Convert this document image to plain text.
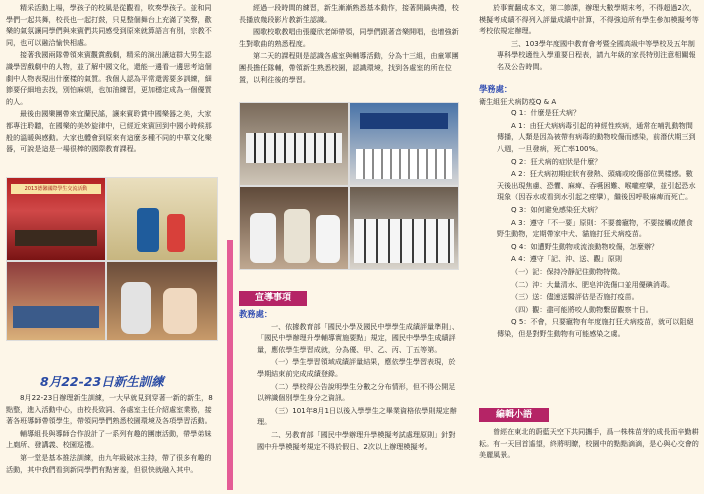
精采活動上場，學孩子的校風是從觀看，吹奏學孩子。並和同學們一起共舞，校長也一起打鼓，只見整個舞台上充滿了笑聲，歡樂的氣氛讓同學們與來賓們共同感受到原來就算語言有別，宗教不同，也可以融洽愉快相處。

接著我國兩隊帶領來賓觀賞戲劇，精采的演出讓這群大男生認識學習戲劇中的人物，並了解中國文化，還能一邊看一邊思考這個劇中人物表現出什麼樣的氣質。我個人認為平常還需要多訓練，細節要仔細地去找，別怕麻煩，也加油練習，更加穩定成為一個優質的人。

最後由國樂團帶來宜蘭民謠，讓來賓聆賞中國樂器之美，大家都專注聆聽，在國樂的美妙旋律中，已經近來賓回到中國小時候那般的溫暖與感動。大家也體會到原來有這麼多種不同的中華文化樂器，可說是這是一場很棒的國際教育課程。

2013德馨國際學生交流活動
8月22-23日新生訓練

8月22-23日辦理新生訓練，一大早就見到穿著一新的新生，8點整，進入活動中心，由校長致詞、各處室主任介紹處室業務，接著各班導師帶領學生，帶領同學們熟悉校園環境及各項學習活動。

輔導組長與導師合作設計了一系列有趣的團康活動，帶學弟妹上廁所、發講義、校園巡禮。

第一堂是基本推法訓練，由九年級破冰主持，帶了很多有趣的活動，其中我們看到新同學們有點害羞，但很快就融入其中。

經過一段時間的練習，新生漸漸熟悉基本動作，接著開鍋典禮，校長播放幾段影片教新生認識。

國歌校歌教唱由張慶欣老師帶領，同學們跟著音樂開唱，也增強新生對歌曲的熟悉程度。

第二天的課程則是認識各處室與輔導活動，分為十三組，由童軍團團長擔任隊輔，帶領新生熟悉校園，認識環境，找到各處室的所在位置，以利往後的學習。

宣導事項
教務處：

一、依據教育部「國民小學及國民中學學生成績評量準則」、「國民中學辦理升學輔導實施要點」規定，國民中學學生成績評量，應依學生學習成就，分為優、甲、乙、丙、丁五等第。

（一）學生學習領域成績評量結果，應依學生學習表現，於學期結束前完成成績登錄。

（二）學校得公告說明學生分數之分布情形，但不得公開足以辨識個別學生身分之資訊。

（三）101年8月1日以後入學學生之畢業資格依學則規定辦理。

二、另教育部「國民中學辦理升學模擬考試處理原則」針對國中升學模擬考規定不得於假日、2次以上辦理模擬考。

於事實翻成本文，第二節課，辦理大數學期末考，不得超過2次，模擬考成績不得列入評量成績中計算，不得強迫所有學生參加模擬考等考校依規定辦理。

三、103學年度國中教育會考暨全國高級中等學校及五年制專科學校適性入學重要日程表，請九年級的家長特別注意相關報名及公告時間。

學務處：
衛生組狂犬病防疫Q & A

Q 1：什麼是狂犬病？

A 1：由狂犬病病毒引起的神經性疾病，通常在哺乳動物間傳播，人類是因為被帶有病毒的動物咬傷而感染，前潛伏期三到八週，一旦發病，死亡率100%。

Q 2：狂犬病的症狀是什麼？

A 2：狂犬病初期症狀有發熱、頭痛或咬傷部位異樣感。數天後出現焦慮、恐懼、麻痺、吞嚥困難、喉嚨痙攣，並引起恐水現象（因吞水或看到水引起之痙攣），繼後因呼吸麻痺而死亡。

Q 3：如何避免感染狂犬病？

A 3：遵守「不一要」原則：不要養寵物，不要接觸或餵食野生動物，定期帶家中犬、貓施打狂犬病疫苗。

Q 4：如遭野生動物或流浪動物咬傷，怎麼辦？

A 4：遵守「記、沖、送、觀」原則

（一）記：保持冷靜記住動物特徵。

（二）沖：大量清水、肥皂沖洗傷口並用優碘消毒。

（三）送：儘速送醫評估是否施打疫苗。

（四）觀：盡可能將咬人動物繫留觀察十日。

Q 5：不會，只要寵物有年度施打狂犬病疫苗，就可以阻絕傳染，但是對野生動物有可能感染之虞。

編輯小語

曾經在東北的蔚藍天空下共同攜手，爲一株株苗芽的成長而辛勤耕耘。有一天回首遙望，終將明瞭，校園中的點點滴滴，是心與心交會的美麗風景。
